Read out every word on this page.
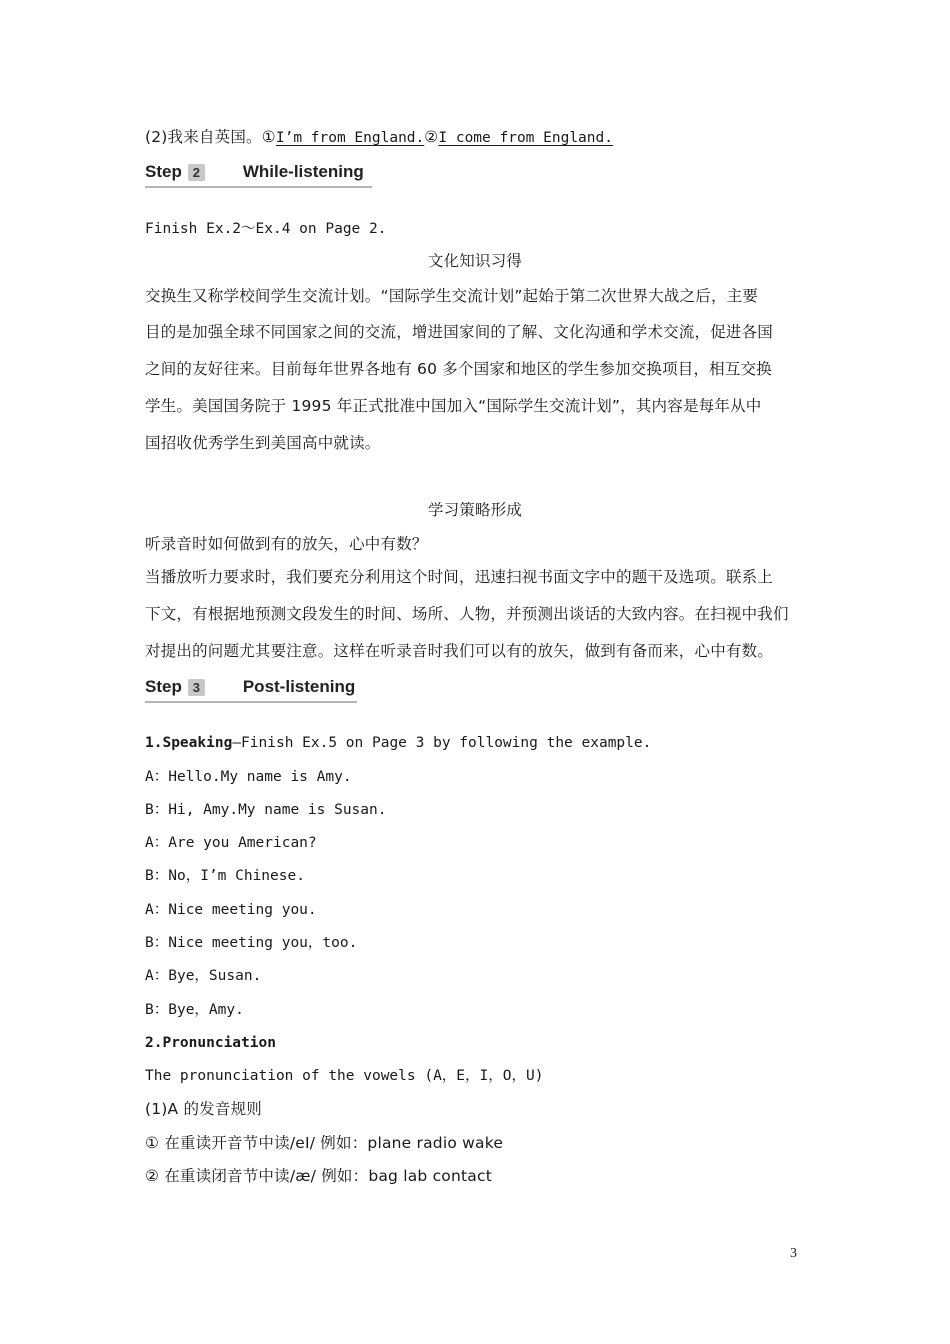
(2)我来自英国。①I’m from England.②I come from England.
Step 2	While-listening
Finish Ex.2～Ex.4 on Page 2.
文化知识习得
交换生又称学校间学生交流计划。“国际学生交流计划”起始于第二次世界大战之后，主要
目的是加强全球不同国家之间的交流，增进国家间的了解、文化沟通和学术交流，促进各国
之间的友好往来。目前每年世界各地有 60 多个国家和地区的学生参加交换项目，相互交换
学生。美国国务院于 1995 年正式批准中国加入“国际学生交流计划”，其内容是每年从中
国招收优秀学生到美国高中就读。
学习策略形成
听录音时如何做到有的放矢，心中有数？
当播放听力要求时，我们要充分利用这个时间，迅速扫视书面文字中的题干及选项。联系上
下文，有根据地预测文段发生的时间、场所、人物，并预测出谈话的大致内容。在扫视中我们
对提出的问题尤其要注意。这样在听录音时我们可以有的放矢，做到有备而来，心中有数。
Step 3	Post-listening
1.Speaking—Finish Ex.5 on Page 3 by following the example.
A：Hello.My name is Amy.
B：Hi, Amy.My name is Susan.
A：Are you American?
B：No，I’m Chinese.
A：Nice meeting you.
B：Nice meeting you，too.
A：Bye，Susan.
B：Bye，Amy.
2.Pronunciation
The pronunciation of the vowels (A，E，I，O，U)
(1)A 的发音规则
① 在重读开音节中读/eI/ 例如：plane radio wake
② 在重读闭音节中读/æ/ 例如：bag lab contact
3
